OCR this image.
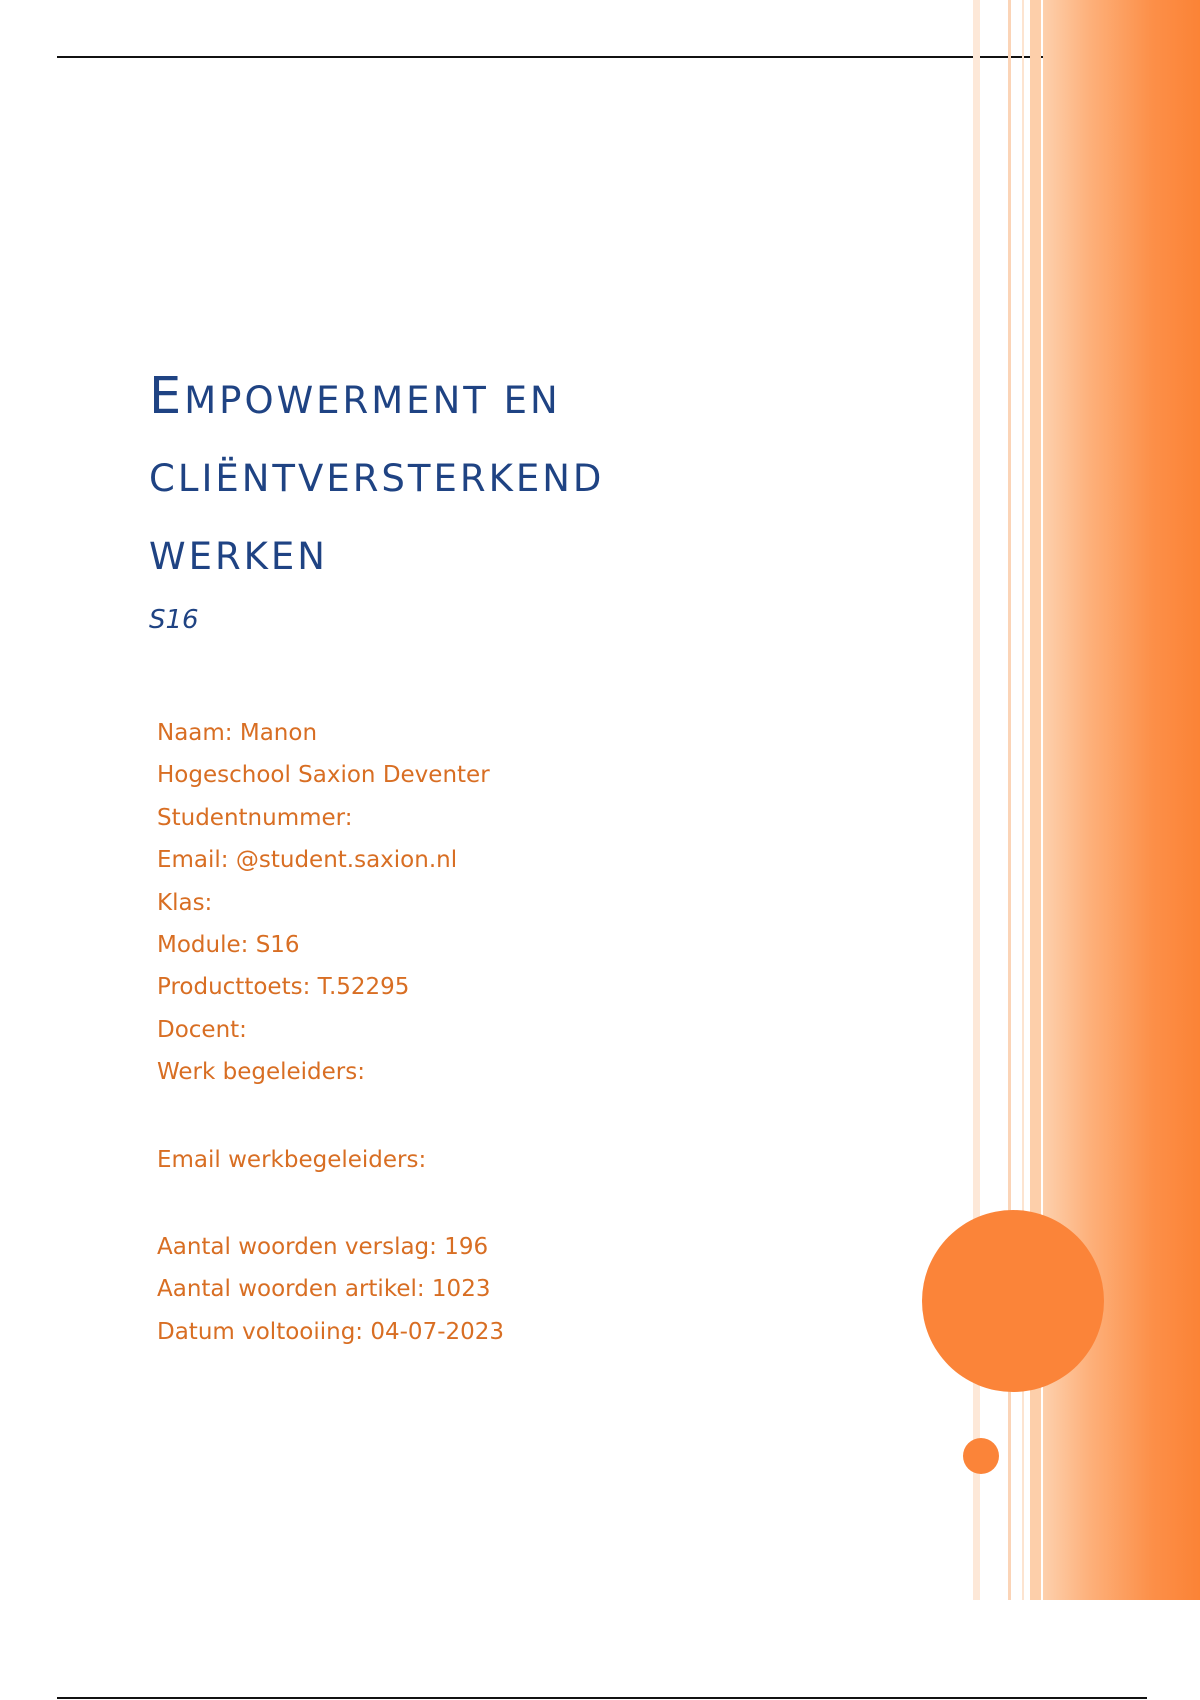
EMPOWERMENT EN
CLIËNTVERSTERKEND
WERKEN
S16
Naam: Manon
Hogeschool Saxion Deventer
Studentnummer:
Email: @student.saxion.nl
Klas:
Module: S16
Producttoets: T.52295
Docent:
Werk begeleiders:
Email werkbegeleiders:
Aantal woorden verslag: 196
Aantal woorden artikel: 1023
Datum voltooiing: 04-07-2023
